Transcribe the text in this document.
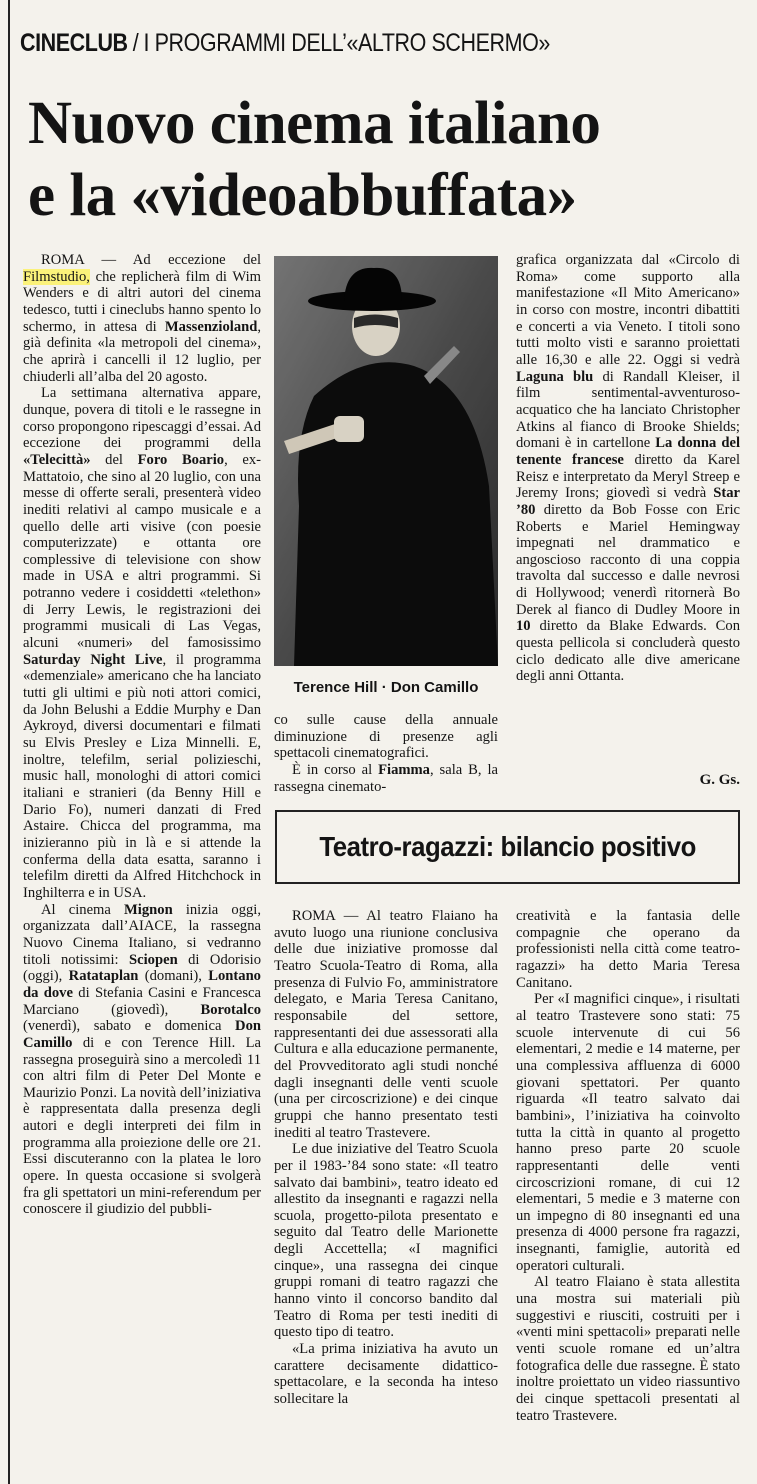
CINECLUB / I PROGRAMMI DELL’«ALTRO SCHERMO»
Nuovo cinema italiano
e la «videoabbuffata»

ROMA — Ad eccezione del Filmstudio, che replicherà film di Wim Wenders e di altri autori del cinema tedesco, tutti i cineclubs hanno spento lo schermo, in attesa di Massenzioland, già definita «la metropoli del cinema», che aprirà i cancelli il 12 luglio, per chiuderli all’alba del 20 agosto.

La settimana alternativa appare, dunque, povera di titoli e le rassegne in corso propongono ripescaggi d’essai. Ad eccezione dei programmi della «Telecittà» del Foro Boario, ex-Mattatoio, che sino al 20 luglio, con una messe di offerte serali, presenterà video inediti relativi al campo musicale e a quello delle arti visive (con poesie computerizzate) e ottanta ore complessive di televisione con show made in USA e altri programmi. Si potranno vedere i cosiddetti «telethon» di Jerry Lewis, le registrazioni dei programmi musicali di Las Vegas, alcuni «numeri» del famosissimo Saturday Night Live, il programma «demenziale» americano che ha lanciato tutti gli ultimi e più noti attori comici, da John Belushi a Eddie Murphy e Dan Aykroyd, diversi documentari e filmati su Elvis Presley e Liza Minnelli. E, inoltre, telefilm, serial polizieschi, music hall, monologhi di attori comici italiani e stranieri (da Benny Hill e Dario Fo), numeri danzati di Fred Astaire. Chicca del programma, ma inizieranno più in là e si attende la conferma della data esatta, saranno i telefilm diretti da Alfred Hitchchock in Inghilterra e in USA.

Al cinema Mignon inizia oggi, organizzata dall’AIACE, la rassegna Nuovo Cinema Italiano, si vedranno titoli notissimi: Sciopen di Odorisio (oggi), Ratataplan (domani), Lontano da dove di Stefania Casini e Francesca Marciano (giovedì), Borotalco (venerdì), sabato e domenica Don Camillo di e con Terence Hill. La rassegna proseguirà sino a mercoledì 11 con altri film di Peter Del Monte e Maurizio Ponzi. La novità dell’iniziativa è rappresentata dalla presenza degli autori e degli interpreti dei film in programma alla proiezione delle ore 21. Essi discuteranno con la platea le loro opere. In questa occasione si svolgerà fra gli spettatori un mini-referendum per conoscere il giudizio del pubbli-

Terence Hill · Don Camillo

co sulle cause della annuale diminuzione di presenze agli spettacoli cinematografici.

È in corso al Fiamma, sala B, la rassegna cinemato-

grafica organizzata dal «Circolo di Roma» come supporto alla manifestazione «Il Mito Americano» in corso con mostre, incontri dibattiti e concerti a via Veneto. I titoli sono tutti molto visti e saranno proiettati alle 16,30 e alle 22. Oggi si vedrà Laguna blu di Randall Kleiser, il film sentimental-avventuroso-acquatico che ha lanciato Christopher Atkins al fianco di Brooke Shields; domani è in cartellone La donna del tenente francese diretto da Karel Reisz e interpretato da Meryl Streep e Jeremy Irons; giovedì si vedrà Star ’80 diretto da Bob Fosse con Eric Roberts e Mariel Hemingway impegnati nel drammatico e angoscioso racconto di una coppia travolta dal successo e dalle nevrosi di Hollywood; venerdì ritornerà Bo Derek al fianco di Dudley Moore in 10 diretto da Blake Edwards. Con questa pellicola si concluderà questo ciclo dedicato alle dive americane degli anni Ottanta.

G. Gs.
Teatro-ragazzi: bilancio positivo

ROMA — Al teatro Flaiano ha avuto luogo una riunione conclusiva delle due iniziative promosse dal Teatro Scuola-Teatro di Roma, alla presenza di Fulvio Fo, amministratore delegato, e Maria Teresa Canitano, responsabile del settore, rappresentanti dei due assessorati alla Cultura e alla educazione permanente, del Provveditorato agli studi nonché dagli insegnanti delle venti scuole (una per circoscrizione) e dei cinque gruppi che hanno presentato testi inediti al teatro Trastevere.

Le due iniziative del Teatro Scuola per il 1983-’84 sono state: «Il teatro salvato dai bambini», teatro ideato ed allestito da insegnanti e ragazzi nella scuola, progetto-pilota presentato e seguito dal Teatro delle Marionette degli Accettella; «I magnifici cinque», una rassegna dei cinque gruppi romani di teatro ragazzi che hanno vinto il concorso bandito dal Teatro di Roma per testi inediti di questo tipo di teatro.

«La prima iniziativa ha avuto un carattere decisamente didattico-spettacolare, e la seconda ha inteso sollecitare la

creatività e la fantasia delle compagnie che operano da professionisti nella città come teatro-ragazzi» ha detto Maria Teresa Canitano.

Per «I magnifici cinque», i risultati al teatro Trastevere sono stati: 75 scuole intervenute di cui 56 elementari, 2 medie e 14 materne, per una complessiva affluenza di 6000 giovani spettatori. Per quanto riguarda «Il teatro salvato dai bambini», l’iniziativa ha coinvolto tutta la città in quanto al progetto hanno preso parte 20 scuole rappresentanti delle venti circoscrizioni romane, di cui 12 elementari, 5 medie e 3 materne con un impegno di 80 insegnanti ed una presenza di 4000 persone fra ragazzi, insegnanti, famiglie, autorità ed operatori culturali.

Al teatro Flaiano è stata allestita una mostra sui materiali più suggestivi e riusciti, costruiti per i «venti mini spettacoli» preparati nelle venti scuole romane ed un’altra fotografica delle due rassegne. È stato inoltre proiettato un video riassuntivo dei cinque spettacoli presentati al teatro Trastevere.
